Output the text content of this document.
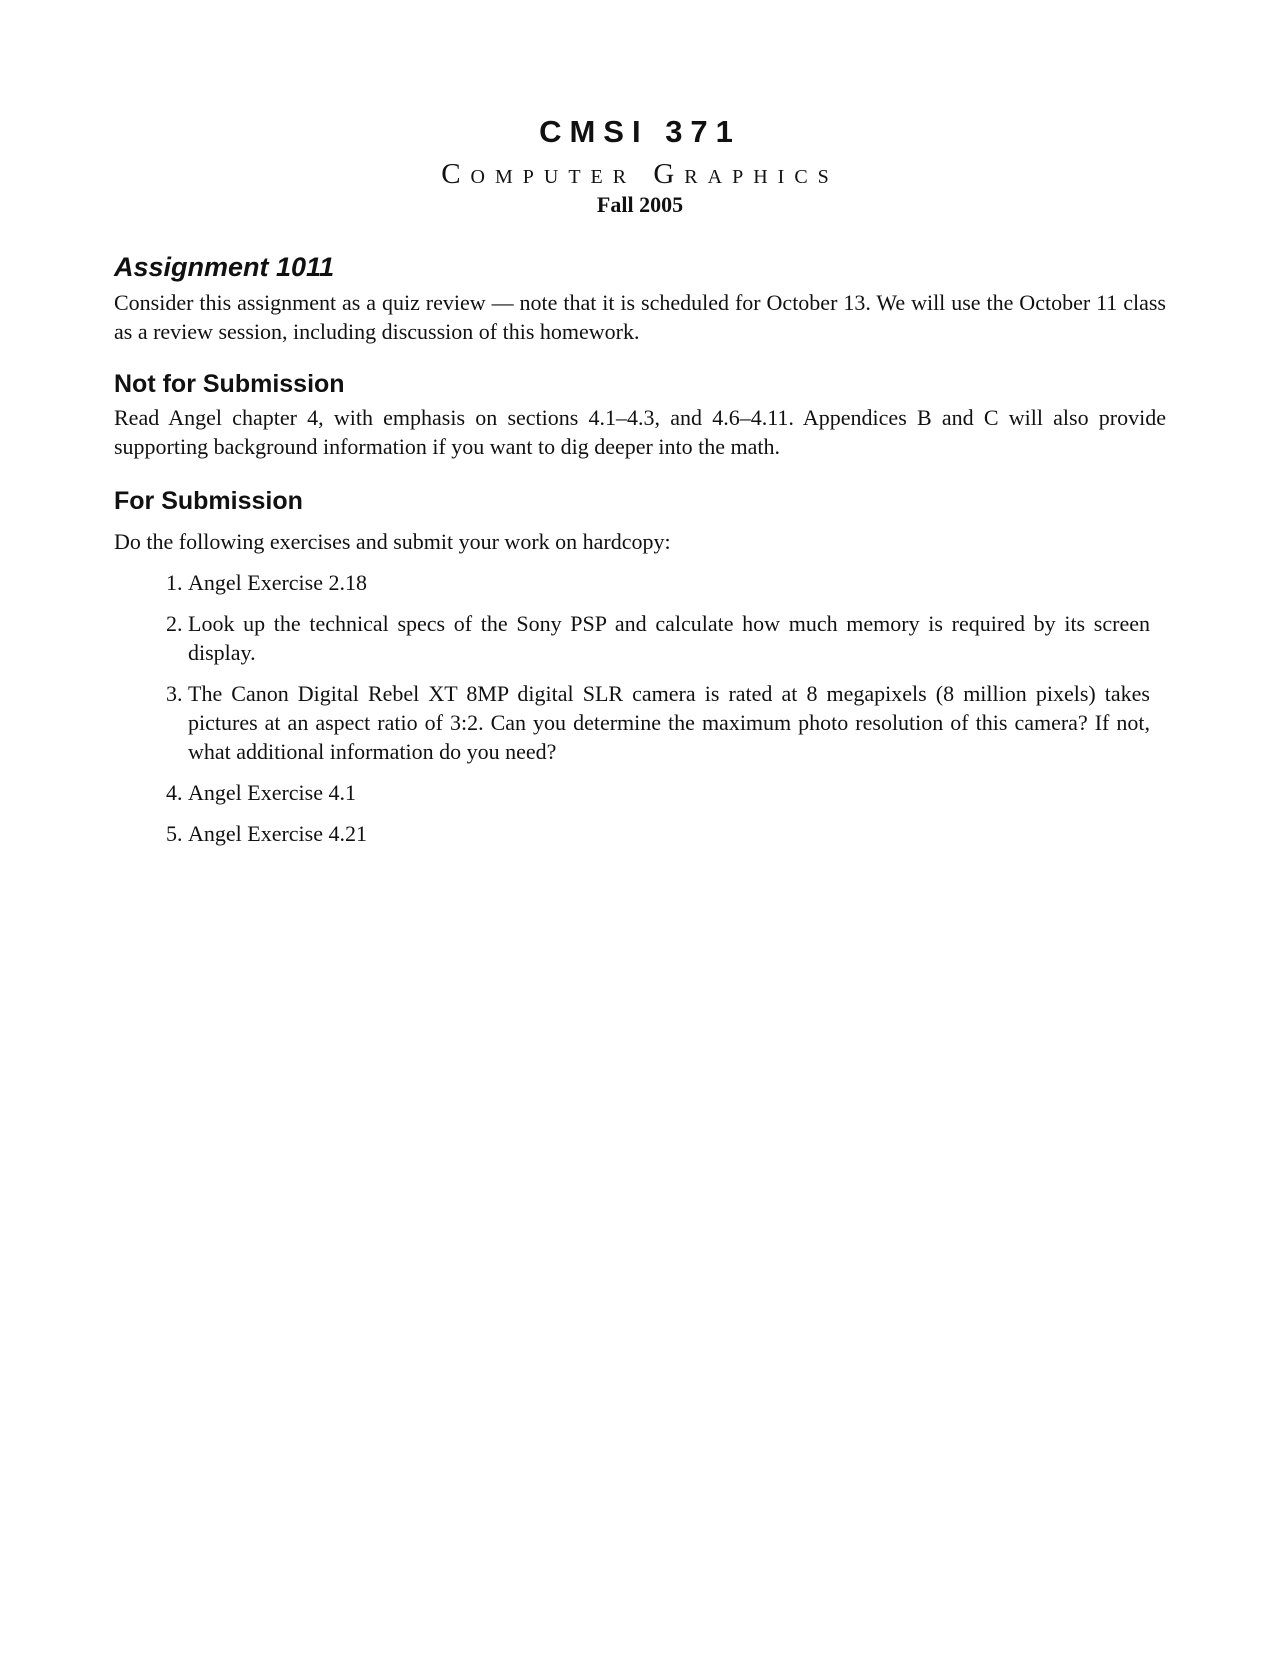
CMSI 371
Computer Graphics
Fall 2005
Assignment 1011

Consider this assignment as a quiz review — note that it is scheduled for October 13. We will use the October 11 class as a review session, including discussion of this homework.

Not for Submission

Read Angel chapter 4, with emphasis on sections 4.1–4.3, and 4.6–4.11. Appendices B and C will also provide supporting background information if you want to dig deeper into the math.

For Submission

Do the following exercises and submit your work on hardcopy:

1. Angel Exercise 2.18
2. Look up the technical specs of the Sony PSP and calculate how much memory is required by its screen display.
3. The Canon Digital Rebel XT 8MP digital SLR camera is rated at 8 megapixels (8 million pixels) takes pictures at an aspect ratio of 3:2. Can you determine the maximum photo resolution of this camera? If not, what additional information do you need?
4. Angel Exercise 4.1
5. Angel Exercise 4.21
